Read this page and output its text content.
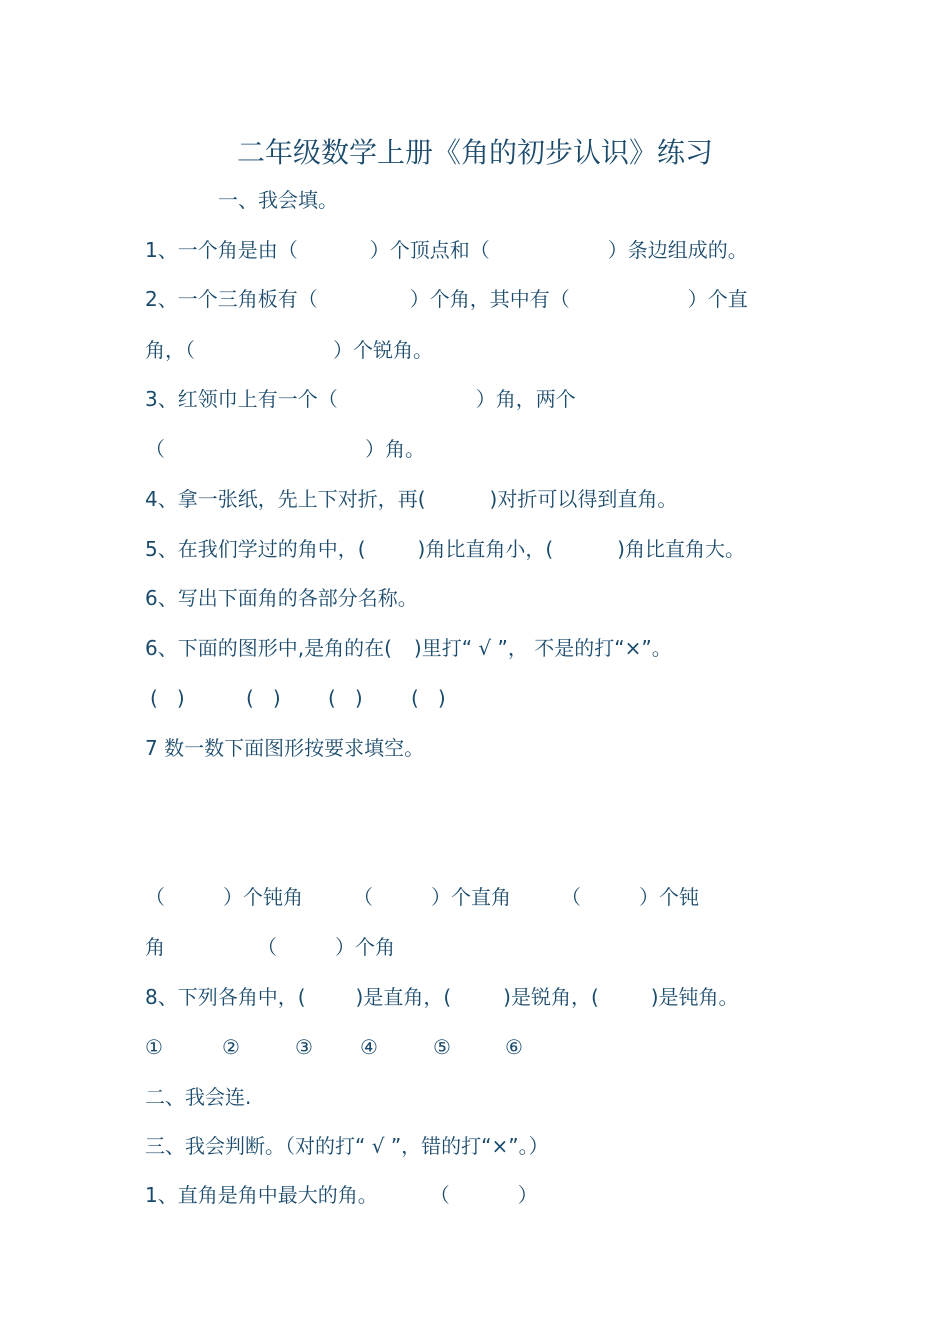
二年级数学上册《角的初步认识》练习
一、我会填。
1、一个角是由（	）个顶点和（	）条边组成的。
2、一个三角板有（	）个角，其中有（	）个直
角，（	）个锐角。
3、红领巾上有一个（	）角，两个
（	）角。
4、拿一张纸，先上下对折，再(	)对折可以得到直角。
5、在我们学过的角中，(	)角比直角小，(	)角比直角大。
6、写出下面角的各部分名称。
6、下面的图形中,是角的在( )里打“ √ ”， 不是的打“×”。
(   )	(   ) (   ) (   )
7 数一数下面图形按要求填空。
（	）个钝角	（	）个直角	（	）个钝
角	（	）个角
8、下列各角中，(	)是直角，(	)是锐角，(	)是钝角。
①	②	③ ④	⑤	⑥
二、我会连.
三、我会判断。（对的打“ √ ”，错的打“×”。）
1、直角是角中最大的角。	（	）
